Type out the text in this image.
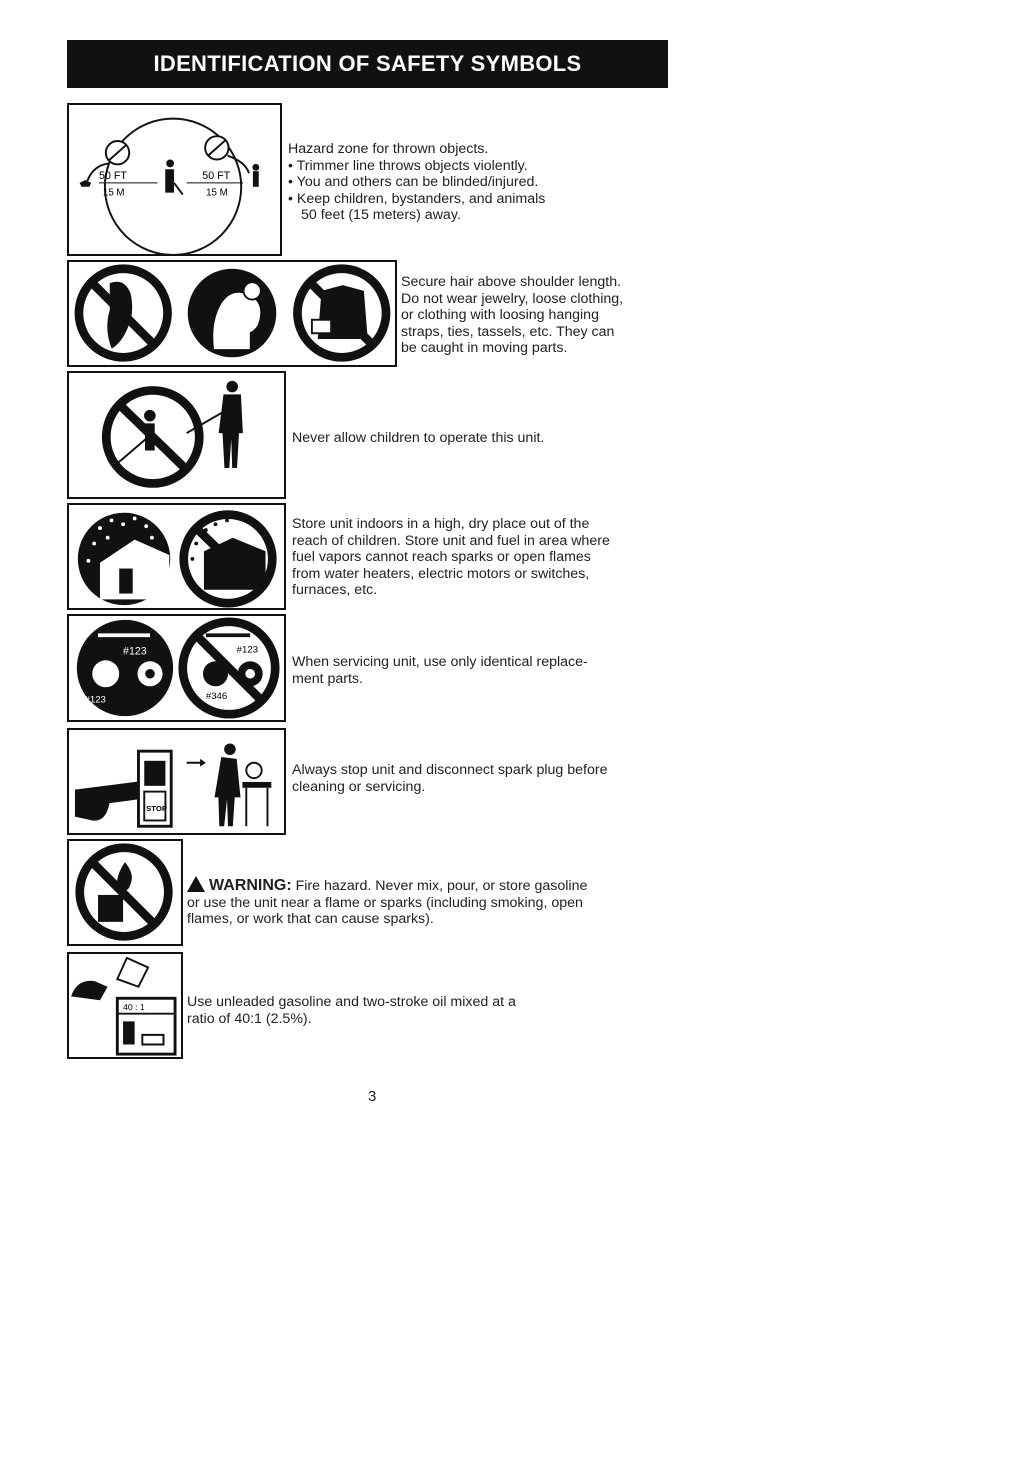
IDENTIFICATION OF SAFETY SYMBOLS
50 FT
15 M
50 FT
15 M
Hazard zone for thrown objects.
• Trimmer line throws objects violently.
• You and others can be blinded/injured.
• Keep children, bystanders, and animals
50 feet (15 meters) away.
Secure hair above shoulder length.
Do not wear jewelry, loose clothing,
or clothing with loosing hanging
straps, ties, tassels, etc. They can
be caught in moving parts.
Never allow children to operate this unit.
Store unit indoors in a high, dry place out of the
reach of children. Store unit and fuel in area where
fuel vapors cannot reach sparks or open flames
from water heaters, electric motors or switches,
furnaces, etc.
#123
#123
#123
#346
When servicing unit, use only identical replace-
ment parts.
STOP
Always stop unit and disconnect spark plug before
cleaning or servicing.
WARNING: Fire hazard. Never mix, pour, or store gasoline
or use the unit near a flame or sparks (including smoking, open
flames, or work that can cause sparks).
40 : 1	Use unleaded gasoline and two-stroke oil mixed at a
ratio of 40:1 (2.5%).
3
